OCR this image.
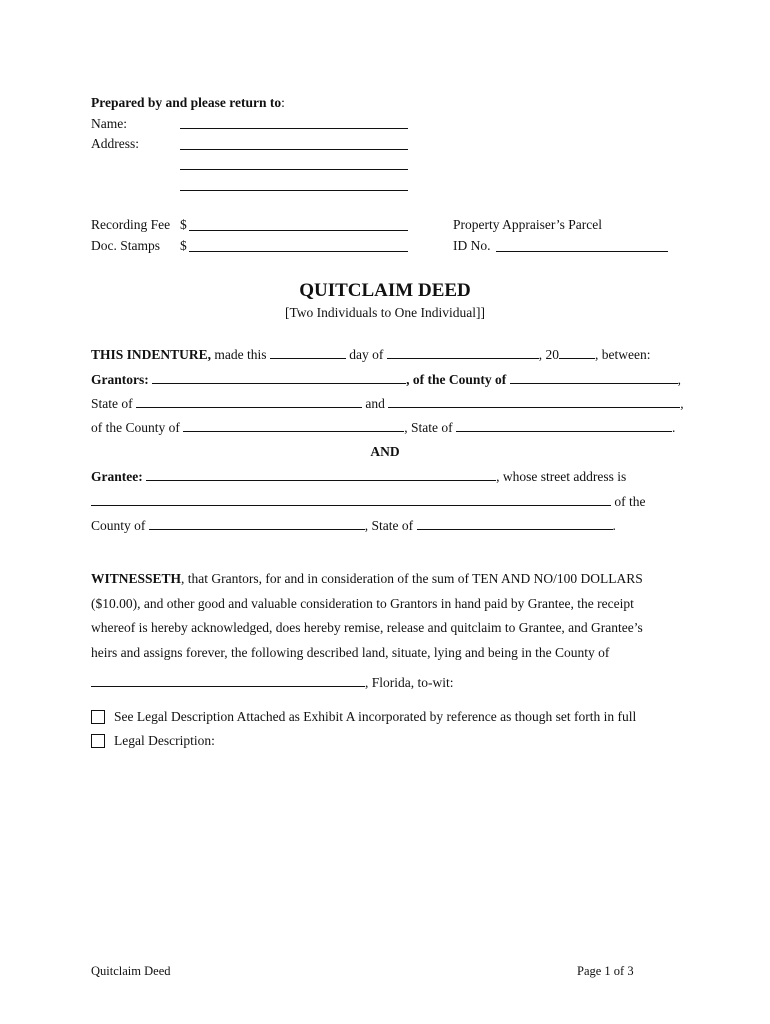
Prepared by and please return to:
Name:
Address:
Recording Fee $
Doc. Stamps $
Property Appraiser’s Parcel
ID No.
QUITCLAIM DEED
[Two Individuals to One Individual]]
THIS INDENTURE, made this	day of	, 20	, between:
Grantors:	, of the County of	,
State of	and	,
of the County of	, State of	.
AND
Grantee:	, whose street address is
of the
County of	, State of	.
WITNESSETH, that Grantors, for and in consideration of the sum of TEN AND NO/100 DOLLARS
($10.00), and other good and valuable consideration to Grantors in hand paid by Grantee, the receipt
whereof is hereby acknowledged, does hereby remise, release and quitclaim to Grantee, and Grantee’s
heirs and assigns forever, the following described land, situate, lying and being in the County of
, Florida, to-wit:
See Legal Description Attached as Exhibit A incorporated by reference as though set forth in full
Legal Description:
Quitclaim Deed	Page 1 of 3
